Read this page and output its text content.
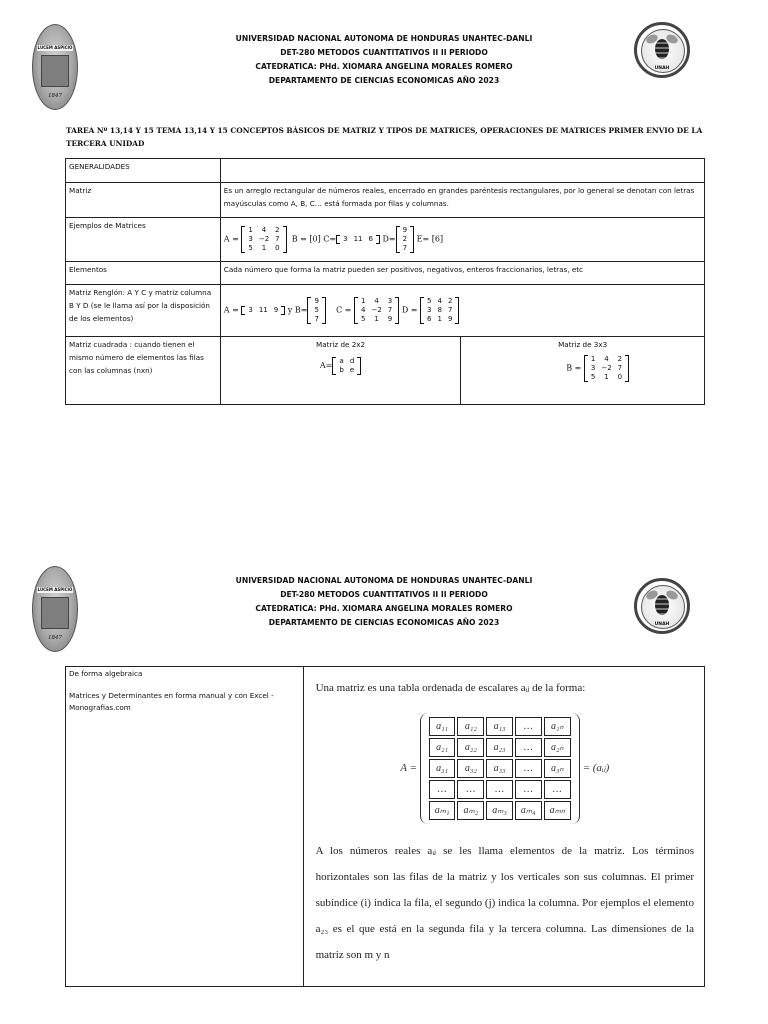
LUCEM ASPICIO
1847
UNIVERSIDAD NACIONAL AUTONOMA DE HONDURAS UNAHTEC-DANLI
DET-280 METODOS CUANTITATIVOS II II PERIODO
CATEDRATICA: PHd. XIOMARA ANGELINA MORALES ROMERO
DEPARTAMENTO DE CIENCIAS ECONOMICAS AÑO 2023
UNAH
TAREA Nº 13,14 Y 15 TEMA 13,14 Y 15 CONCEPTOS BÁSICOS DE MATRIZ Y TIPOS DE MATRICES, OPERACIONES DE MATRICES PRIMER ENVIO DE LA TERCERA UNIDAD
GENERALIDADES	
Matriz	Es un arreglo rectangular de números reales, encerrado en grandes paréntesis rectangulares, por lo general se denotan con letras mayúsculas como A, B, C… está formada por filas y columnas.
Ejemplos de Matrices	A =
1	4	2
3	−2	7
5	1	0
B = [0] C= 3	11	6 D=
9
2
7
E= [6]
Elementos	Cada número que forma la matriz pueden ser positivos, negativos, enteros fraccionarios, letras, etc
Matriz Renglón: A Y C y matriz columna B Y D (se le llama así por la disposición de los elementos)	A = 3	11	9 y B=
9
5
7
C =
1	4	3
4	−2	7
5	1	9
D =
5	4	2
3	8	7
6	1	9

Matriz cuadrada : cuando tienen el mismo número de elementos las filas con las columnas (nxn)	
Matriz de 2x2
A= a	d
b	e

Matriz de 3x3
B =
1	4	2
3	−2	7
5	1	0
LUCEM ASPICIO
1847
UNIVERSIDAD NACIONAL AUTONOMA DE HONDURAS UNAHTEC-DANLI
DET-280 METODOS CUANTITATIVOS II II PERIODO
CATEDRATICA: PHd. XIOMARA ANGELINA MORALES ROMERO
DEPARTAMENTO DE CIENCIAS ECONOMICAS AÑO 2023	UNAH
De forma algebraica
Matrices y Determinantes en forma manual y con Excel - Monografias.com

Una matriz es una tabla ordenada de escalares aᵢⱼ de la forma:
A =
a₁₁	a₁₂	a₁₃	…	a₁ₙ
a₂₁	a₂₂	a₂₃	…	a₂ₙ
a₃₁	a₃₂	a₃₃	…	a₃ₙ
…	…	…	…	…
aₘ₁	aₘ₂	aₘ₃	aₘ₄	aₘₙ
= (aᵢⱼ)
A los números reales aᵢⱼ se les llama elementos de la matriz. Los términos horizontales son las filas de la matriz y los verticales son sus columnas. El primer subíndice (i) indica la fila, el segundo (j) indica la columna. Por ejemplos el elemento a₂₃ es el que está en la segunda fila y la tercera columna. Las dimensiones de la matriz son m y n
